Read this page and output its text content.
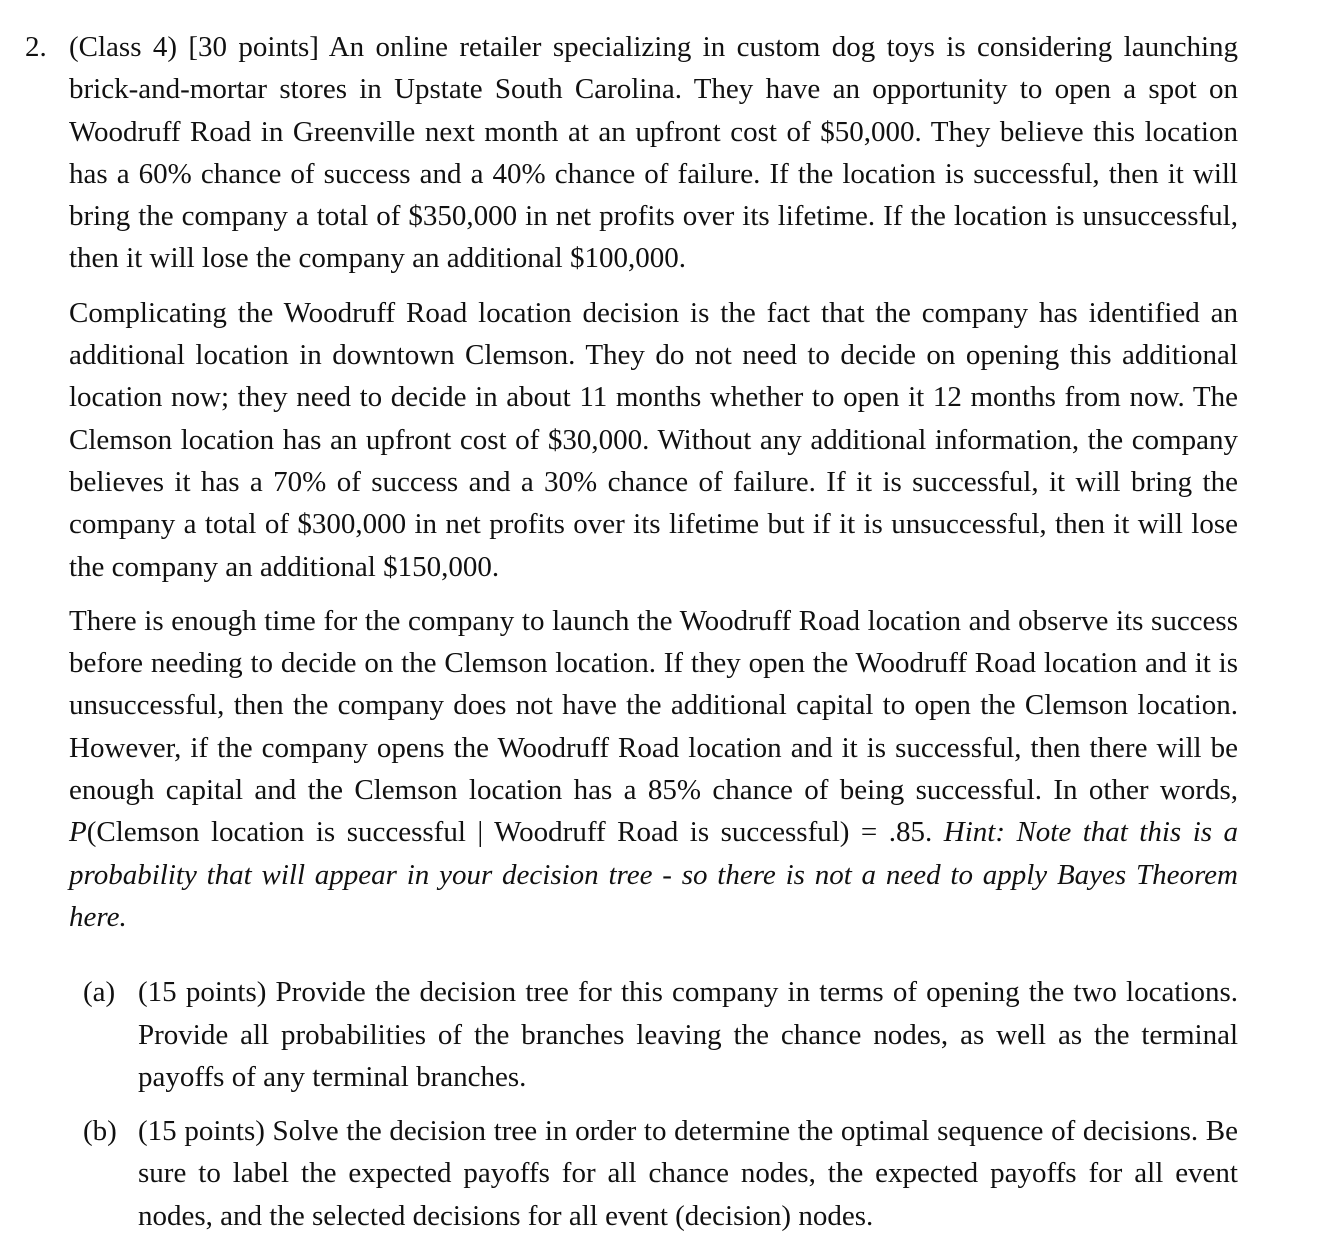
2. (Class 4) [30 points] An online retailer specializing in custom dog toys is considering launching brick-and-mortar stores in Upstate South Carolina. They have an opportunity to open a spot on Woodruff Road in Greenville next month at an upfront cost of $50,000. They believe this location has a 60% chance of success and a 40% chance of failure. If the location is successful, then it will bring the company a total of $350,000 in net profits over its lifetime. If the location is unsuccessful, then it will lose the company an additional $100,000.

Complicating the Woodruff Road location decision is the fact that the company has identified an additional location in downtown Clemson. They do not need to decide on opening this additional location now; they need to decide in about 11 months whether to open it 12 months from now. The Clemson location has an upfront cost of $30,000. Without any additional information, the company believes it has a 70% of success and a 30% chance of failure. If it is successful, it will bring the company a total of $300,000 in net profits over its lifetime but if it is unsuccessful, then it will lose the company an additional $150,000.

There is enough time for the company to launch the Woodruff Road location and observe its success before needing to decide on the Clemson location. If they open the Woodruff Road location and it is unsuccessful, then the company does not have the additional capital to open the Clemson location. However, if the company opens the Woodruff Road location and it is successful, then there will be enough capital and the Clemson location has a 85% chance of being successful. In other words, P(Clemson location is successful | Woodruff Road is successful) = .85. Hint: Note that this is a probability that will appear in your decision tree - so there is not a need to apply Bayes Theorem here.

(a) (15 points) Provide the decision tree for this company in terms of opening the two locations. Provide all probabilities of the branches leaving the chance nodes, as well as the terminal payoffs of any terminal branches.
(b) (15 points) Solve the decision tree in order to determine the optimal sequence of decisions. Be sure to label the expected payoffs for all chance nodes, the expected payoffs for all event nodes, and the selected decisions for all event (decision) nodes.
